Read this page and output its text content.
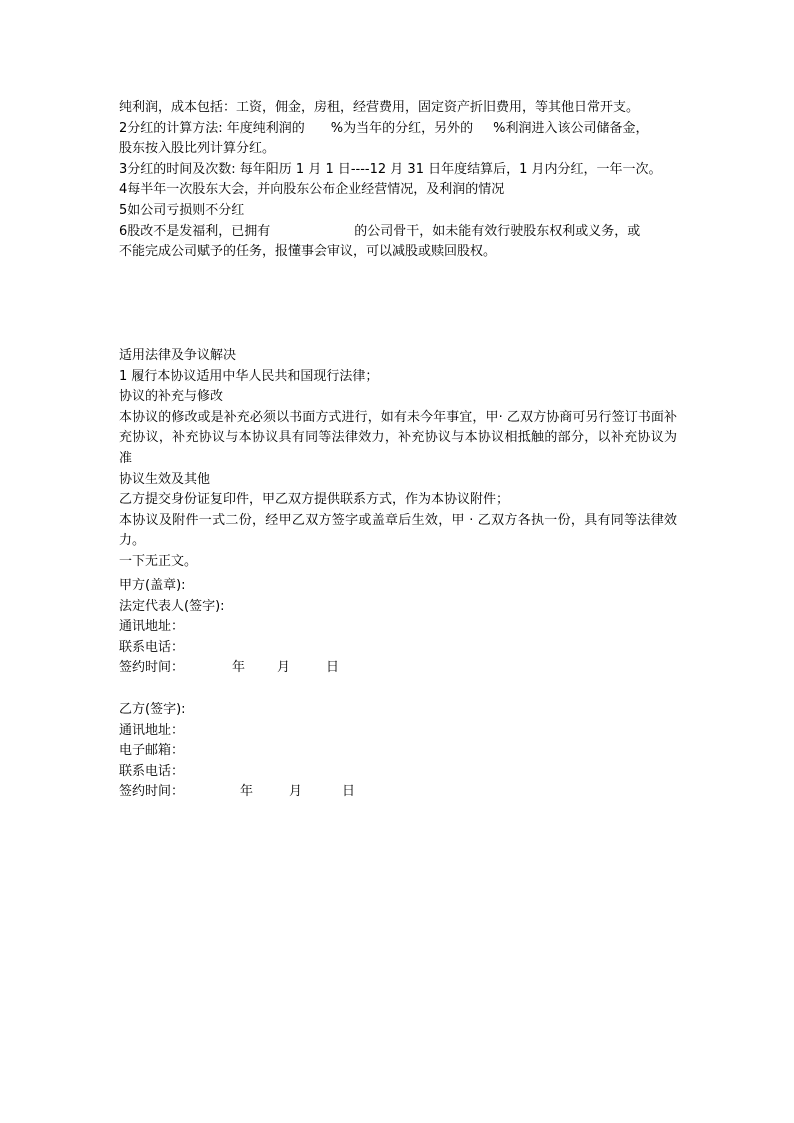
纯利润，成本包括：工资，佣金，房租，经营费用，固定资产折旧费用，等其他日常开支。
2分红的计算方法: 年度纯利润的 %为当年的分红，另外的 %利润进入该公司储备金，
股东按入股比列计算分红。
3分红的时间及次数: 每年阳历 1 月 1 日----12 月 31 日年度结算后，1 月内分红，一年一次。
4每半年一次股东大会，并向股东公布企业经营情况，及利润的情况
5如公司亏损则不分红
6股改不是发福利，已拥有	的公司骨干，如未能有效行驶股东权利或义务，或
不能完成公司赋予的任务，报懂事会审议，可以减股或赎回股权。
适用法律及争议解决
1 履行本协议适用中华人民共和国现行法律；
协议的补充与修改
本协议的修改或是补充必须以书面方式进行，如有未今年事宜，甲· 乙双方协商可另行签订书面补充协议，补充协议与本协议具有同等法律效力，补充协议与本协议相抵触的部分，以补充协议为准
协议生效及其他
乙方提交身份证复印件，甲乙双方提供联系方式，作为本协议附件；
本协议及附件一式二份，经甲乙双方签字或盖章后生效，甲 · 乙双方各执一份，具有同等法律效力。
一下无正文。
甲方(盖章):
法定代表人(签字):
通讯地址：
联系电话：
签约时间：	年 月	日
乙方(签字):
通讯地址：
电子邮箱：
联系电话：
签约时间：	年	月	日
